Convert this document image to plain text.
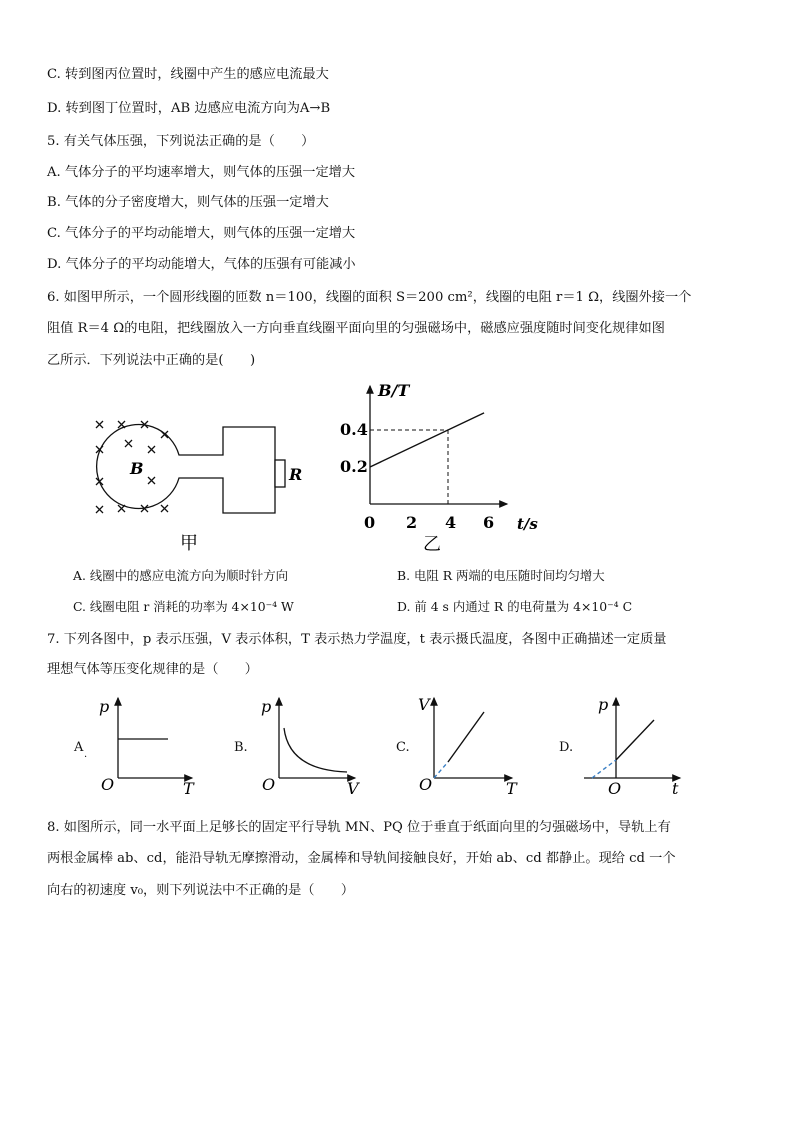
C. 转到图丙位置时，线圈中产生的感应电流最大
D. 转到图丁位置时，AB 边感应电流方向为A→B
5. 有关气体压强，下列说法正确的是（　　）
A. 气体分子的平均速率增大，则气体的压强一定增大
B. 气体的分子密度增大，则气体的压强一定增大
C. 气体分子的平均动能增大，则气体的压强一定增大
D. 气体分子的平均动能增大，气体的压强有可能减小
6. 如图甲所示，一个圆形线圈的匝数 n＝100，线圈的面积 S＝200 cm²，线圈的电阻 r＝1 Ω，线圈外接一个
阻值 R＝4 Ω的电阻，把线圈放入一方向垂直线圈平面向里的匀强磁场中，磁感应强度随时间变化规律如图
乙所示．下列说法中正确的是(　　)
B	R
甲
B/T
0.2
0.4
0 2 4 6 t/s
乙
A. 线圈中的感应电流方向为顺时针方向	B. 电阻 R 两端的电压随时间均匀增大
C. 线圈电阻 r 消耗的功率为 4×10⁻⁴ W	D. 前 4 s 内通过 R 的电荷量为 4×10⁻⁴ C
7. 下列各图中，p 表示压强，V 表示体积，T 表示热力学温度，t 表示摄氏温度，各图中正确描述一定质量
理想气体等压变化规律的是（　　）
A
·
p
O	T
B.
p
O	V
C.
V
O	T
D.
p
O	t
8. 如图所示，同一水平面上足够长的固定平行导轨 MN、PQ 位于垂直于纸面向里的匀强磁场中，导轨上有
两根金属棒 ab、cd，能沿导轨无摩擦滑动，金属棒和导轨间接触良好，开始 ab、cd 都静止。现给 cd 一个
向右的初速度 v₀，则下列说法中不正确的是（　　）
